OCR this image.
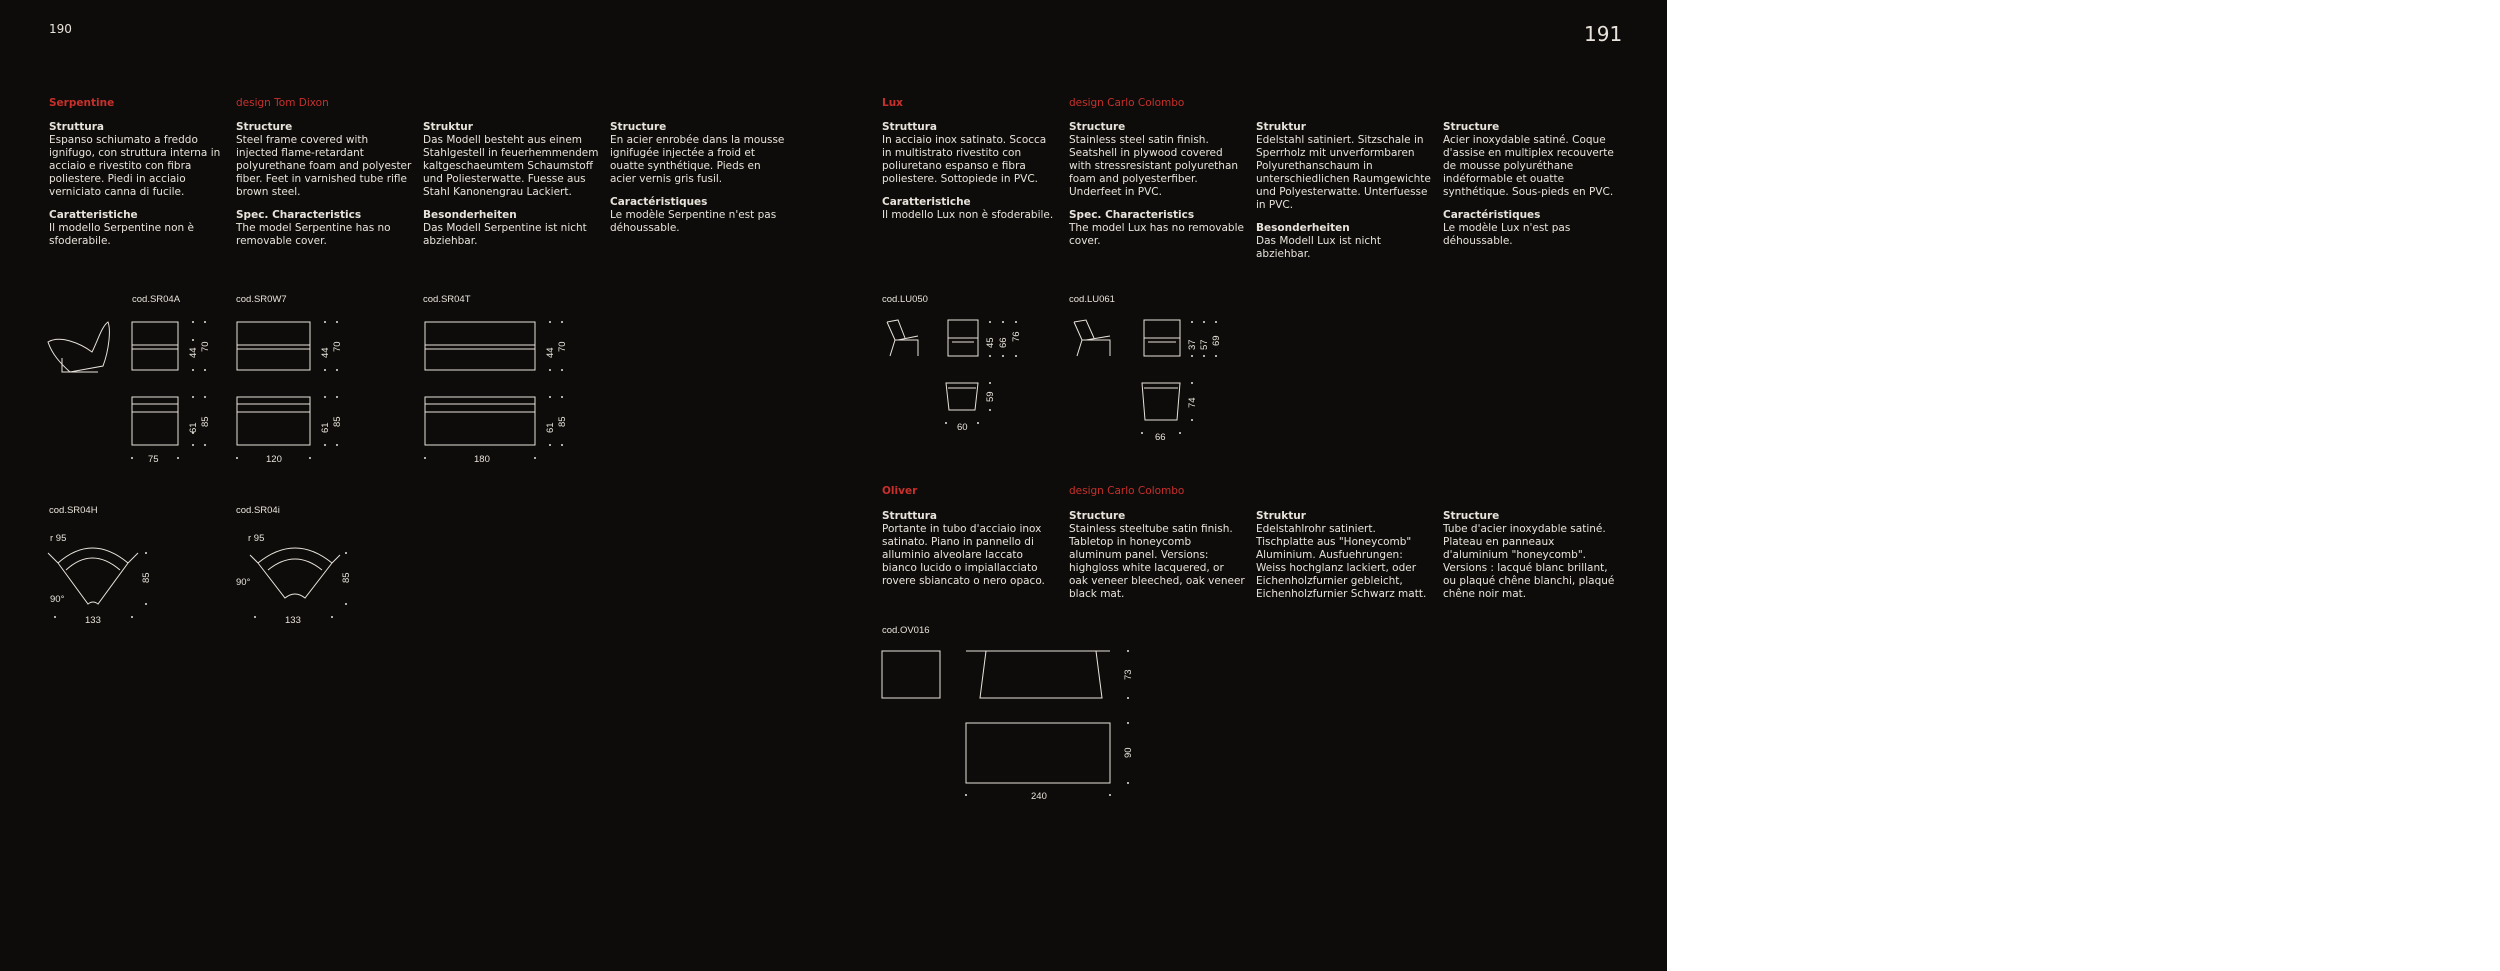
190	191
Serpentine	design Tom Dixon
Struttura
Espanso schiumato a freddo ignifugo, con struttura interna in acciaio e rivestito con fibra poliestere. Piedi in acciaio verniciato canna di fucile.
Caratteristiche
Il modello Serpentine non è sfoderabile.
Structure
Steel frame covered with injected flame-retardant polyurethane foam and polyester fiber. Feet in varnished tube rifle brown steel.
Spec. Characteristics
The model Serpentine has no removable cover.
Struktur
Das Modell besteht aus einem Stahlgestell in feuerhemmendem kaltgeschaeumtem Schaumstoff und Poliesterwatte. Fuesse aus Stahl Kanonengrau Lackiert.
Besonderheiten
Das Modell Serpentine ist nicht abziehbar.
Structure
En acier enrobée dans la mousse ignifugée injectée a froid et ouatte synthétique. Pieds en acier vernis gris fusil.
Caractéristiques
Le modèle Serpentine n'est pas déhoussable.
cod.SR04A	cod.SR0W7	cod.SR04T
cod.SR04H	cod.SR04i
Lux	design Carlo Colombo
Struttura
In acciaio inox satinato. Scocca in multistrato rivestito con poliuretano espanso e fibra poliestere. Sottopiede in PVC.
Caratteristiche
Il modello Lux non è sfoderabile.
Structure
Stainless steel satin finish. Seatshell in plywood covered with stressresistant polyurethan foam and polyesterfiber. Underfeet in PVC.
Spec. Characteristics
The model Lux has no removable cover.
Struktur
Edelstahl satiniert. Sitzschale in Sperrholz mit unverformbaren Polyurethanschaum in unterschiedlichen Raumgewichte und Polyesterwatte. Unterfuesse in PVC.
Besonderheiten
Das Modell Lux ist nicht abziehbar.
Structure
Acier inoxydable satiné. Coque d'assise en multiplex recouverte de mousse polyuréthane indéformable et ouatte synthétique. Sous-pieds en PVC.
Caractéristiques
Le modèle Lux n'est pas déhoussable.
cod.LU050	cod.LU061
Oliver	design Carlo Colombo
Struttura
Portante in tubo d'acciaio inox satinato. Piano in pannello di alluminio alveolare laccato bianco lucido o impiallacciato rovere sbiancato o nero opaco.
Structure
Stainless steeltube satin finish. Tabletop in honeycomb aluminum panel. Versions: highgloss white lacquered, or oak veneer bleeched, oak veneer black mat.
Struktur
Edelstahlrohr satiniert. Tischplatte aus "Honeycomb" Aluminium. Ausfuehrungen: Weiss hochglanz lackiert, oder Eichenholzfurnier gebleicht, Eichenholzfurnier Schwarz matt.
Structure
Tube d'acier inoxydable satiné. Plateau en panneaux d'aluminium "honeycomb". Versions : lacqué blanc brillant, ou plaqué chêne blanchi, plaqué chêne noir mat.
cod.OV016
44
70
61
85
75
44
70
61
85
120
44
70
61
85
180
r 95
90°
133
85
r 95
90°
133
85
45 66
76
59
60
37 57 69
74
66
73
90
240
